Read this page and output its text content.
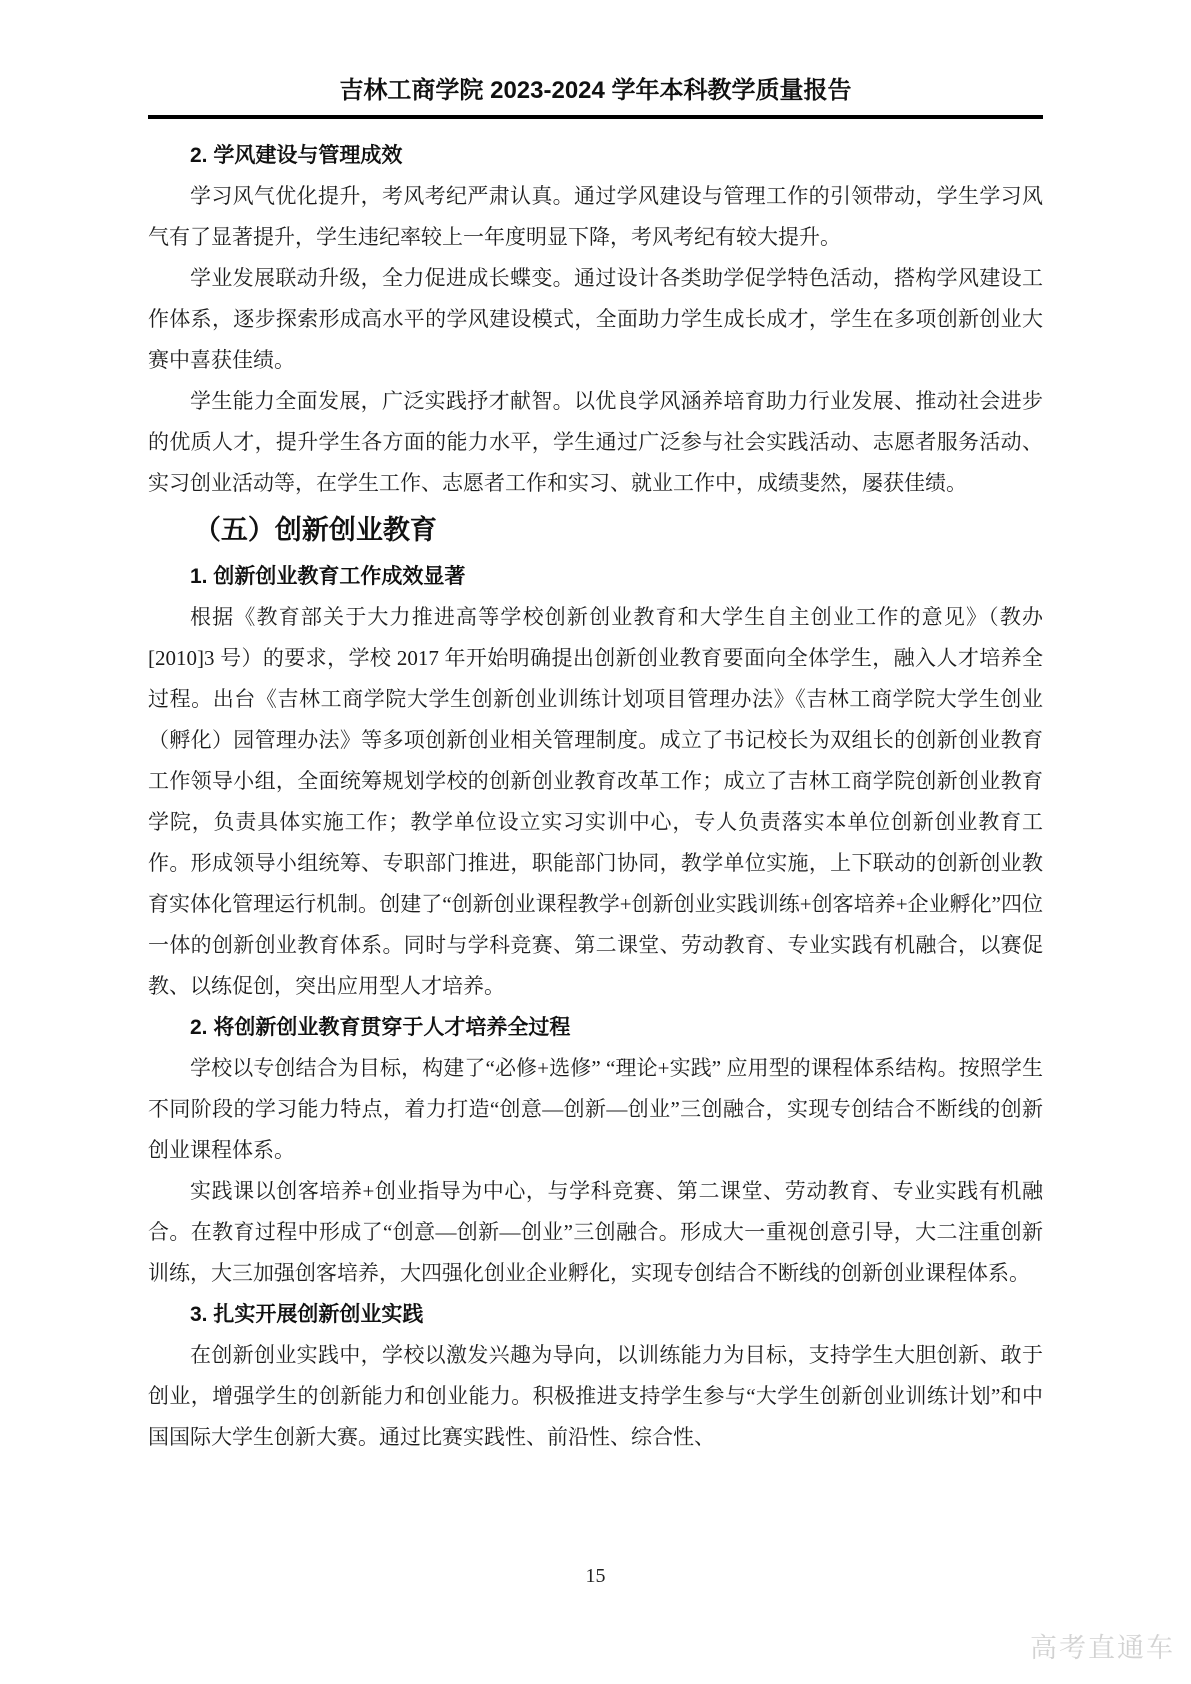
吉林工商学院 2023-2024 学年本科教学质量报告
2. 学风建设与管理成效

学习风气优化提升，考风考纪严肃认真。通过学风建设与管理工作的引领带动，学生学习风气有了显著提升，学生违纪率较上一年度明显下降，考风考纪有较大提升。

学业发展联动升级，全力促进成长蝶变。通过设计各类助学促学特色活动，搭构学风建设工作体系，逐步探索形成高水平的学风建设模式，全面助力学生成长成才，学生在多项创新创业大赛中喜获佳绩。

学生能力全面发展，广泛实践抒才献智。以优良学风涵养培育助力行业发展、推动社会进步的优质人才，提升学生各方面的能力水平，学生通过广泛参与社会实践活动、志愿者服务活动、实习创业活动等，在学生工作、志愿者工作和实习、就业工作中，成绩斐然，屡获佳绩。

（五）创新创业教育
1. 创新创业教育工作成效显著

根据《教育部关于大力推进高等学校创新创业教育和大学生自主创业工作的意见》（教办[2010]3 号）的要求，学校 2017 年开始明确提出创新创业教育要面向全体学生，融入人才培养全过程。出台《吉林工商学院大学生创新创业训练计划项目管理办法》《吉林工商学院大学生创业（孵化）园管理办法》等多项创新创业相关管理制度。成立了书记校长为双组长的创新创业教育工作领导小组，全面统筹规划学校的创新创业教育改革工作；成立了吉林工商学院创新创业教育学院，负责具体实施工作；教学单位设立实习实训中心，专人负责落实本单位创新创业教育工作。形成领导小组统筹、专职部门推进，职能部门协同，教学单位实施，上下联动的创新创业教育实体化管理运行机制。创建了“创新创业课程教学+创新创业实践训练+创客培养+企业孵化”四位一体的创新创业教育体系。同时与学科竞赛、第二课堂、劳动教育、专业实践有机融合，以赛促教、以练促创，突出应用型人才培养。

2. 将创新创业教育贯穿于人才培养全过程

学校以专创结合为目标，构建了“必修+选修” “理论+实践” 应用型的课程体系结构。按照学生不同阶段的学习能力特点，着力打造“创意—创新—创业”三创融合，实现专创结合不断线的创新创业课程体系。

实践课以创客培养+创业指导为中心，与学科竞赛、第二课堂、劳动教育、专业实践有机融合。在教育过程中形成了“创意—创新—创业”三创融合。形成大一重视创意引导，大二注重创新训练，大三加强创客培养，大四强化创业企业孵化，实现专创结合不断线的创新创业课程体系。

3. 扎实开展创新创业实践

在创新创业实践中，学校以激发兴趣为导向，以训练能力为目标，支持学生大胆创新、敢于创业，增强学生的创新能力和创业能力。积极推进支持学生参与“大学生创新创业训练计划”和中国国际大学生创新大赛。通过比赛实践性、前沿性、综合性、

15
高考直通车
